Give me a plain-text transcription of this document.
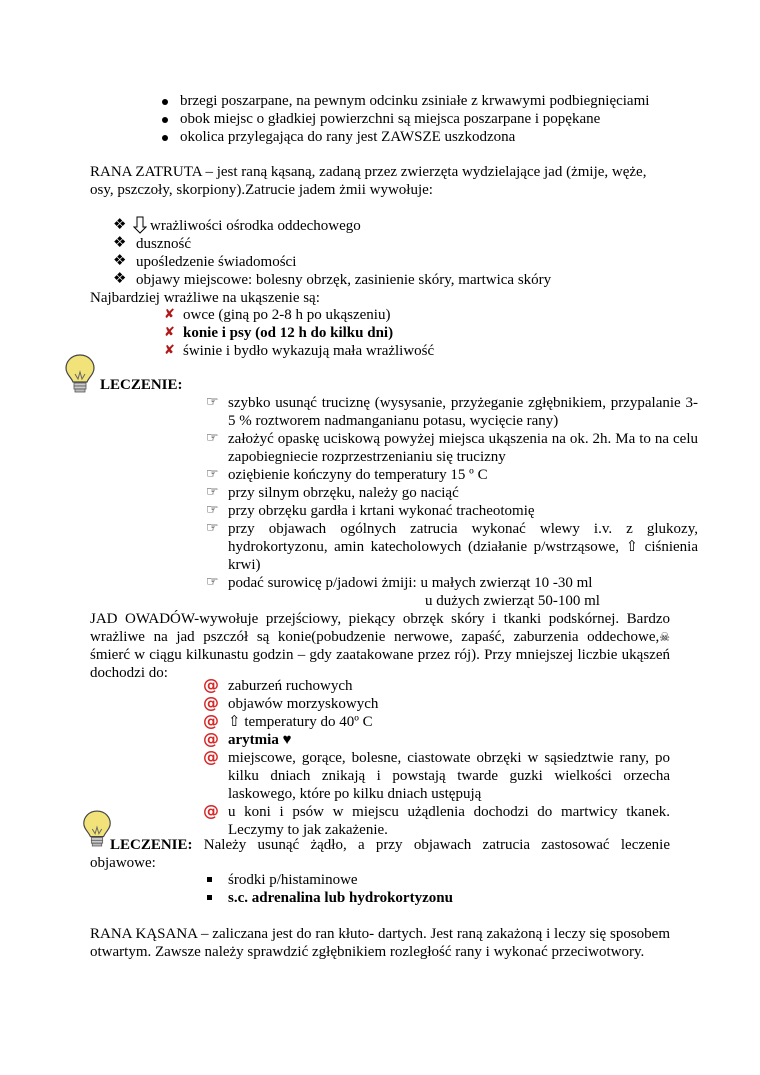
brzegi poszarpane, na pewnym odcinku zsiniałe z krwawymi podbiegnięciami
obok miejsc o gładkiej powierzchni są miejsca poszarpane i popękane
okolica przylegająca do rany jest ZAWSZE uszkodzona
RANA ZATRUTA – jest raną kąsaną, zadaną przez zwierzęta wydzielające jad (żmije, węże,
osy, pszczoły, skorpiony).Zatrucie jadem żmii wywołuje:
❖ wrażliwości ośrodka oddechowego
❖ duszność
❖ upośledzenie świadomości
❖ objawy miejscowe: bolesny obrzęk, zasinienie skóry, martwica skóry
Najbardziej wrażliwe na ukąszenie są:
✘ owce (giną po 2-8 h po ukąszeniu)
✘ konie i psy (od 12 h do kilku dni)
✘ świnie i bydło wykazują mała wrażliwość
LECZENIE:
☞ szybko usunąć truciznę (wysysanie, przyżeganie zgłębnikiem, przypalanie 3- 5 % roztworem nadmanganianu potasu, wycięcie rany)
☞ założyć opaskę uciskową powyżej miejsca ukąszenia na ok. 2h. Ma to na celu zapobiegniecie rozprzestrzenianiu się trucizny
☞ oziębienie kończyny do temperatury 15 º C
☞ przy silnym obrzęku, należy go naciąć
☞ przy obrzęku gardła i krtani wykonać tracheotomię
☞ przy objawach ogólnych zatrucia wykonać wlewy i.v. z glukozy, hydrokortyzonu, amin katecholowych (działanie p/wstrząsowe, ⇧ ciśnienia krwi)
☞ podać surowicę p/jadowi żmiji: u małych zwierząt 10 -30 ml
u dużych zwierząt 50-100 ml
JAD OWADÓW-wywołuje przejściowy, piekący obrzęk skóry i tkanki podskórnej. Bardzo wrażliwe na jad pszczół są konie(pobudzenie nerwowe, zapaść, zaburzenia oddechowe,☠ śmierć w ciągu kilkunastu godzin – gdy zaatakowane przez rój). Przy mniejszej liczbie ukąszeń dochodzi do:
@ zaburzeń ruchowych
@ objawów morzyskowych
@ ⇧ temperatury do 40º C
@ arytmia ♥
@ miejscowe, gorące, bolesne, ciastowate obrzęki w sąsiedztwie rany, po kilku dniach znikają i powstają twarde guzki wielkości orzecha laskowego, które po kilku dniach ustępują
@ u koni i psów w miejscu użądlenia dochodzi do martwicy tkanek. Leczymy to jak zakażenie.
LECZENIE: Należy usunąć żądło, a przy objawach zatrucia zastosować leczenie objawowe:
środki p/histaminowe
s.c. adrenalina lub hydrokortyzonu
RANA KĄSANA – zaliczana jest do ran kłuto- dartych. Jest raną zakażoną i leczy się sposobem otwartym. Zawsze należy sprawdzić zgłębnikiem rozległość rany i wykonać przeciwotwory.
